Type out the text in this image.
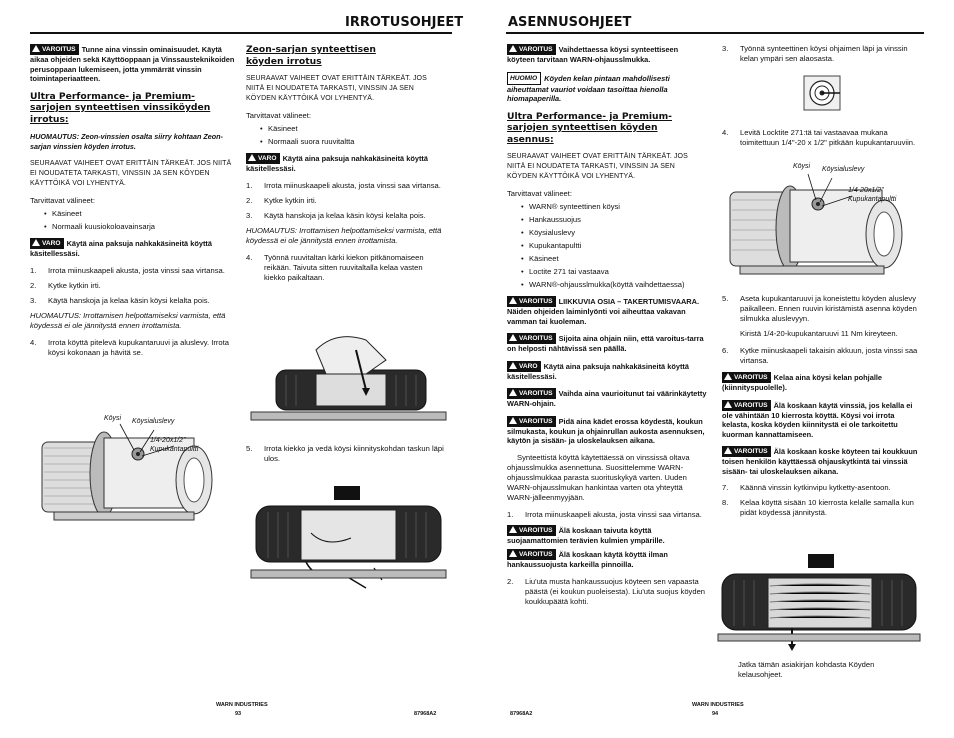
IRROTUSOHJEET
VAROITUS Tunne aina vinssin ominaisuudet. Käytä aikaa ohjeiden sekä Käyttöoppaan ja Vinssausteknikoiden perusoppaan lukemiseen, jotta ymmärrät vinssin toimintaperiaatteen.
Ultra Performance- ja Premium-sarjojen synteettisen vinssiköyden irrotus:

HUOMAUTUS: Zeon-vinssien osalta siirry kohtaan Zeon-sarjan vinssien köyden irrotus.

SEURAAVAT VAIHEET OVAT ERITTÄIN TÄRKEÄT. JOS NIITÄ EI NOUDATETA TARKASTI, VINSSIN JA SEN KÖYDEN KÄYTTÖIKÄ VOI LYHENTYÄ.

Tarvittavat välineet:

• Käsineet
• Normaali kuusiokoloavainsarja
VARO Käytä aina paksuja nahkakäsineitä köyttä käsitellessäsi.
1.	Irrota miinuskaapeli akusta, josta vinssi saa virtansa.
2.	Kytke kytkin irti.
3.	Käytä hanskoja ja kelaa käsin köysi kelalta pois.

HUOMAUTUS: Irrottamisen helpottamiseksi varmista, että köydessä ei ole jännitystä ennen irrottamista.

4.	Irrota köyttä pitelevä kupukantaruuvi ja aluslevy. Irrota köysi kokonaan ja hävitä se.
Köysi Köysialuslevy
1/4-20x1/2" Kupukantapultti
Zeon-sarjan synteettisen köyden irrotus

SEURAAVAT VAIHEET OVAT ERITTÄIN TÄRKEÄT. JOS NIITÄ EI NOUDATETA TARKASTI, VINSSIN JA SEN KÖYDEN KÄYTTÖIKÄ VOI LYHENTYÄ.

Tarvittavat välineet:

• Käsineet
• Normaali suora ruuvitaltta
VARO Käytä aina paksuja nahkakäsineitä köyttä käsitellessäsi.
1.	Irrota miinuskaapeli akusta, josta vinssi saa virtansa.
2.	Kytke kytkin irti.
3.	Käytä hanskoja ja kelaa käsin köysi kelalta pois.

HUOMAUTUS: Irrottamisen helpottamiseksi varmista, että köydessä ei ole jännitystä ennen irrottamista.

4.	Työnnä ruuvitaltan kärki kiekon pitkänomaiseen reikään. Taivuta sitten ruuvitaltalla kelaa vasten kiekko paikaltaan.
5.	Irrota kiekko ja vedä köysi kiinnityskohdan taskun läpi ulos.
WARN INDUSTRIES
93	87968A2
ASENNUSOHJEET
VAROITUS Vaihdettaessa köysi synteettiseen köyteen tarvitaan WARN-ohjausslmukka.
HUOMIO Köyden kelan pintaan mahdollisesti aiheuttamat vauriot voidaan tasoittaa hienolla hiomapaperilla.
Ultra Performance- ja Premium-sarjojen synteettisen köyden asennus:

SEURAAVAT VAIHEET OVAT ERITTÄIN TÄRKEÄT. JOS NIITÄ EI NOUDATETA TARKASTI, VINSSIN JA SEN KÖYDEN KÄYTTÖIKÄ VOI LYHENTYÄ.

Tarvittavat välineet:

• WARN® synteettinen köysi
• Hankaussuojus
• Köysialuslevy
• Kupukantapultti
• Käsineet
• Loctite 271 tai vastaava
• WARN®-ohjausslmukka(köyttä vaihdettaessa)
VAROITUS LIIKKUVIA OSIA – TAKERTUMISVAARA. Näiden ohjeiden laiminlyönti voi aiheuttaa vakavan vamman tai kuoleman.
VAROITUS Sijoita aina ohjain niin, että varoitus-tarra on helposti nähtävissä sen päällä.
VARO Käytä aina paksuja nahkakäsineitä köyttä käsitellessäsi.
VAROITUS Vaihda aina vaurioitunut tai väärinkäytetty WARN-ohjain.
VAROITUS Pidä aina kädet erossa köydestä, koukun silmukasta, koukun ja ohjainrullan aukosta asennuksen, käytön ja sisään- ja uloskelauksen aikana.

Synteettistä köyttä käytettäessä on vinssissä oltava ohjausslmukka asennettuna. Suosittelemme WARN-ohjausslmukkaa parasta suorituskykyä varten. Uuden WARN-ohjausslmukan hankintaa varten ota yhteyttä WARN-jälleenmyyjään.

1.	Irrota miinuskaapeli akusta, josta vinssi saa virtansa.
VAROITUS Älä koskaan taivuta köyttä suojaamattomien terävien kulmien ympärille.
VAROITUS Älä koskaan käytä köyttä ilman hankaussuojusta karkeilla pinnoilla.
2.	Liu'uta musta hankaussuojus köyteen sen vapaasta päästä (ei koukun puoleisesta). Liu'uta suojus köyden koukkupäätä kohti.
3.	Työnnä synteettinen köysi ohjaimen läpi ja vinssin kelan ympäri sen alaosasta.
4.	Levitä Locktite 271:tä tai vastaavaa mukana toimitettuun 1/4"-20 x 1/2" pitkään kupukantaruuviin.
Köysi Köysialuslevy
1/4-20x1/2" Kupukantapultti
5.	Aseta kupukantaruuvi ja koneistettu köyden aluslevy paikalleen. Ennen ruuvin kiristämistä asenna köyden silmukka aluslevyyn.

Kiristä 1/4-20-kupukantaruuvi 11 Nm kireyteen.

6.	Kytke miinuskaapeli takaisin akkuun, josta vinssi saa virtansa.
VAROITUS Kelaa aina köysi kelan pohjalle (kiinnityspuolelle).
VAROITUS Älä koskaan käytä vinssiä, jos kelalla ei ole vähintään 10 kierrosta köyttä. Köysi voi irrota kelasta, koska köyden kiinnitystä ei ole tarkoitettu kuorman kannattamiseen.
VAROITUS Älä koskaan koske köyteen tai koukkuun toisen henkilön käyttäessä ohjauskytkintä tai vinssiä sisään- tai uloskelauksen aikana.
7.	Käännä vinssin kytkinvipu kytketty-asentoon.
8.	Kelaa köyttä sisään 10 kierrosta kelalle samalla kun pidät köydessä jännitystä.

Jatka tämän asiakirjan kohdasta Köyden kelausohjeet.

87968A2
WARN INDUSTRIES
94
